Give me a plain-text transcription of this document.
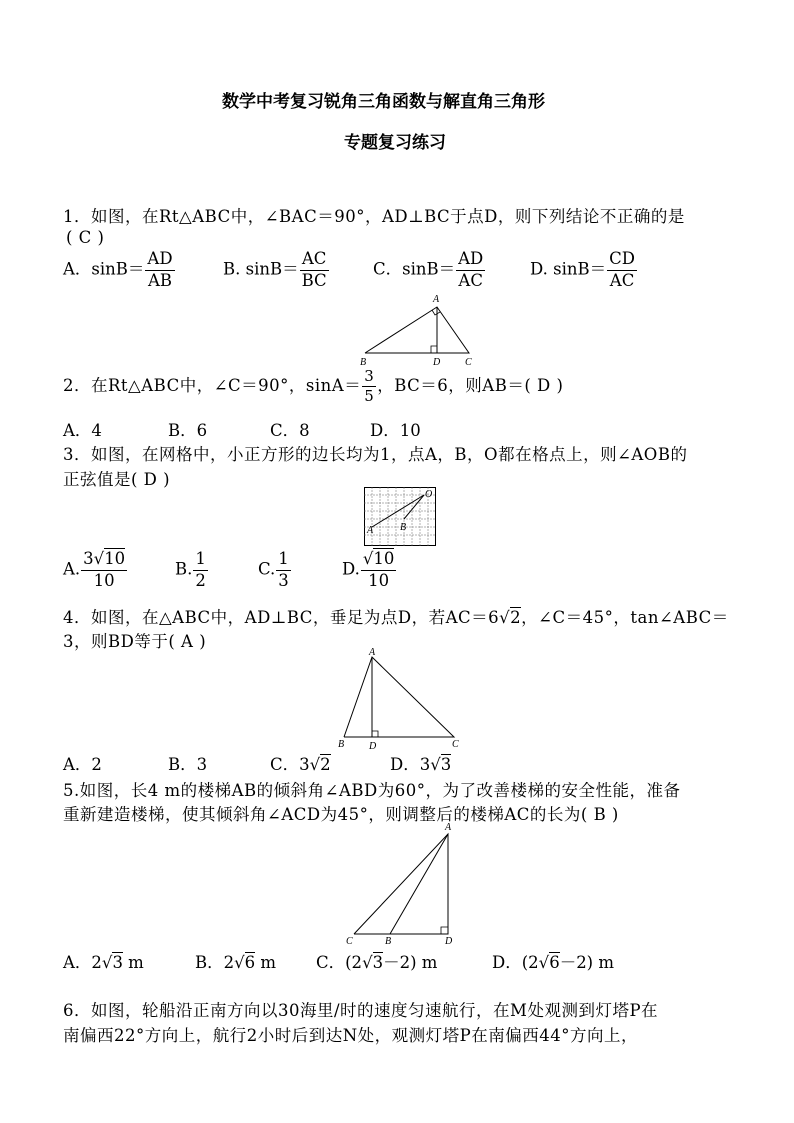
数学中考复习锐角三角函数与解直角三角形
专题复习练习
1．如图，在Rt△ABC中，∠BAC＝90°，AD⊥BC于点D，则下列结论不正确的是
( C )
A．$\sin B= \frac{AD}{AB}$	B. $\sin B= \frac{AC}{BC}$	C．$\sin B= \frac{AD}{AC}$	D. $\sin B= \frac{CD}{AC}$
A
B	C
D
2．在Rt△ABC中，∠C＝90°，$\sin A= \frac{3}{5}$ ，BC＝6，则AB＝( D )
A．4	B．6	C．8	D．10
3．如图，在网格中，小正方形的边长均为1，点A，B，O都在格点上，则∠AOB的
正弦值是( D )
O
A	B
A. $\frac{3√10}{10}$	B. $\frac{1}{2}$	C. $\frac{1}{3}$	D. $\frac{√10}{10}$
4．如图，在△ABC中，AD⊥BC，垂足为点D，若AC＝6√2，∠C＝45°，tan∠ABC＝
3，则BD等于( A )
A
B	C
D
A．2	B．3	C．3√2	D．3√3
5.如图，长4 m的楼梯AB的倾斜角∠ABD为60°，为了改善楼梯的安全性能，准备
重新建造楼梯，使其倾斜角∠ACD为45°，则调整后的楼梯AC的长为( B )
A
C	B	D
A．2√3 m	B．2√6 m C．(2√3－2) m	D．(2√6－2) m
6．如图，轮船沿正南方向以30海里/时的速度匀速航行，在M处观测到灯塔P在
南偏西22°方向上，航行2小时后到达N处，观测灯塔P在南偏西44°方向上，
